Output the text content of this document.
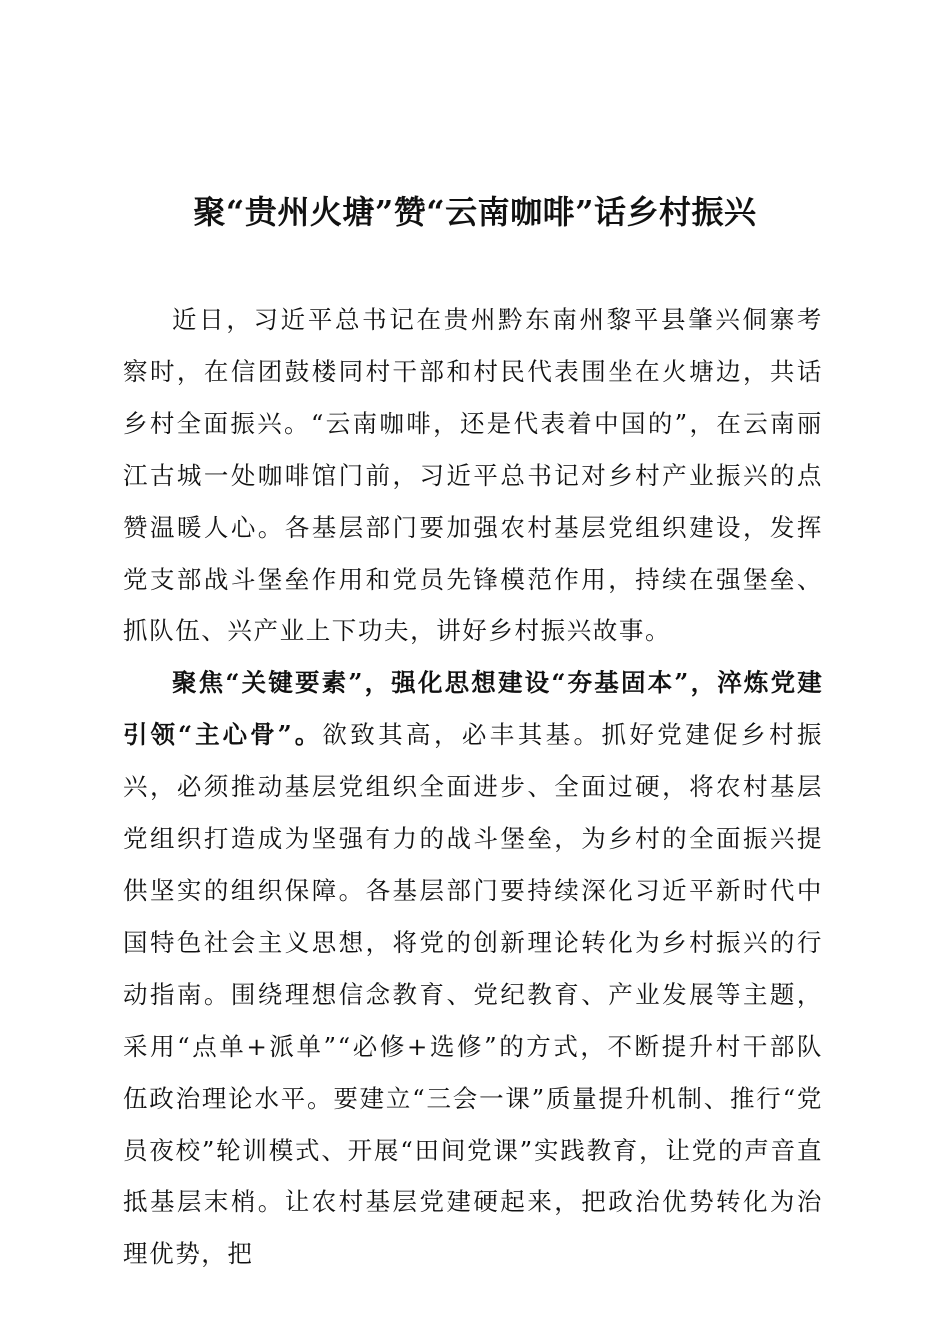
聚“贵州火塘”赞“云南咖啡”话乡村振兴

近日，习近平总书记在贵州黔东南州黎平县肇兴侗寨考察时，在信团鼓楼同村干部和村民代表围坐在火塘边，共话乡村全面振兴。“云南咖啡，还是代表着中国的”，在云南丽江古城一处咖啡馆门前，习近平总书记对乡村产业振兴的点赞温暖人心。各基层部门要加强农村基层党组织建设，发挥党支部战斗堡垒作用和党员先锋模范作用，持续在强堡垒、抓队伍、兴产业上下功夫，讲好乡村振兴故事。

聚焦“关键要素”，强化思想建设“夯基固本”，淬炼党建引领“主心骨”。欲致其高，必丰其基。抓好党建促乡村振兴，必须推动基层党组织全面进步、全面过硬，将农村基层党组织打造成为坚强有力的战斗堡垒，为乡村的全面振兴提供坚实的组织保障。各基层部门要持续深化习近平新时代中国特色社会主义思想，将党的创新理论转化为乡村振兴的行动指南。围绕理想信念教育、党纪教育、产业发展等主题，采用“点单+派单”“必修+选修”的方式，不断提升村干部队伍政治理论水平。要建立“三会一课”质量提升机制、推行“党员夜校”轮训模式、开展“田间党课”实践教育，让党的声音直抵基层末梢。让农村基层党建硬起来，把政治优势转化为治理优势，把
